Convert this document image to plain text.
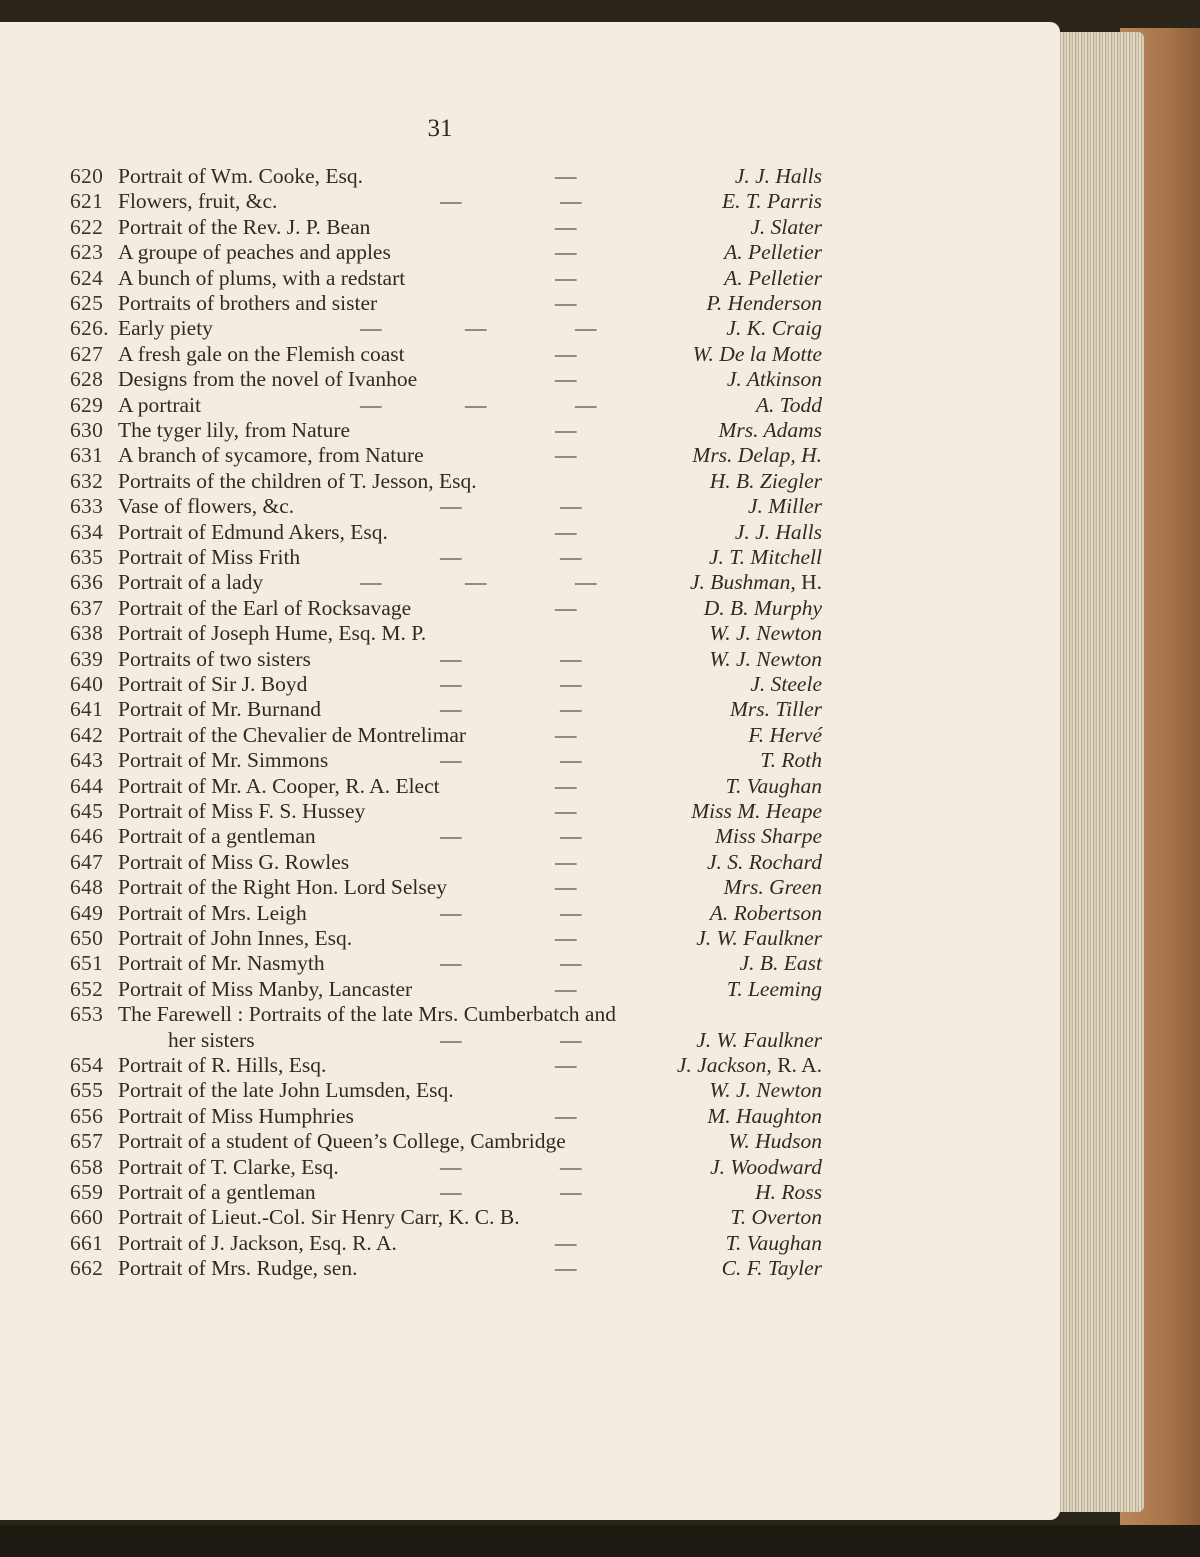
31
620 Portrait of Wm. Cooke, Esq.	—	J. J. Halls
621 Flowers, fruit, &c.	—	—	E. T. Parris
622 Portrait of the Rev. J. P. Bean	—	J. Slater
623 A groupe of peaches and apples	—	A. Pelletier
624 A bunch of plums, with a redstart	—	A. Pelletier
625 Portraits of brothers and sister	—	P. Henderson
626. Early piety	—	—	—	J. K. Craig
627 A fresh gale on the Flemish coast	—	W. De la Motte
628 Designs from the novel of Ivanhoe	—	J. Atkinson
629 A portrait	—	—	—	A. Todd
630 The tyger lily, from Nature	—	Mrs. Adams
631 A branch of sycamore, from Nature	—	Mrs. Delap, H.
632 Portraits of the children of T. Jesson, Esq.	H. B. Ziegler
633 Vase of flowers, &c.	—	—	J. Miller
634 Portrait of Edmund Akers, Esq.	—	J. J. Halls
635 Portrait of Miss Frith	—	—	J. T. Mitchell
636 Portrait of a lady	—	—	—	J. Bushman, H.
637 Portrait of the Earl of Rocksavage	—	D. B. Murphy
638 Portrait of Joseph Hume, Esq. M. P.	W. J. Newton
639 Portraits of two sisters	—	—	W. J. Newton
640 Portrait of Sir J. Boyd	—	—	J. Steele
641 Portrait of Mr. Burnand	—	—	Mrs. Tiller
642 Portrait of the Chevalier de Montrelimar	—	F. Hervé
643 Portrait of Mr. Simmons	—	—	T. Roth
644 Portrait of Mr. A. Cooper, R. A. Elect	—	T. Vaughan
645 Portrait of Miss F. S. Hussey	—	Miss M. Heape
646 Portrait of a gentleman	—	—	Miss Sharpe
647 Portrait of Miss G. Rowles	—	J. S. Rochard
648 Portrait of the Right Hon. Lord Selsey	—	Mrs. Green
649 Portrait of Mrs. Leigh	—	—	A. Robertson
650 Portrait of John Innes, Esq.	—	J. W. Faulkner
651 Portrait of Mr. Nasmyth	—	—	J. B. East
652 Portrait of Miss Manby, Lancaster	—	T. Leeming
653 The Farewell : Portraits of the late Mrs. Cumberbatch and
her sisters	—	—	J. W. Faulkner
654 Portrait of R. Hills, Esq.	—	J. Jackson, R. A.
655 Portrait of the late John Lumsden, Esq.	W. J. Newton
656 Portrait of Miss Humphries	—	M. Haughton
657 Portrait of a student of Queen’s College, Cambridge	W. Hudson
658 Portrait of T. Clarke, Esq.	—	—	J. Woodward
659 Portrait of a gentleman	—	—	H. Ross
660 Portrait of Lieut.-Col. Sir Henry Carr, K. C. B.	T. Overton
661 Portrait of J. Jackson, Esq. R. A.	—	T. Vaughan
662 Portrait of Mrs. Rudge, sen.	—	C. F. Tayler
